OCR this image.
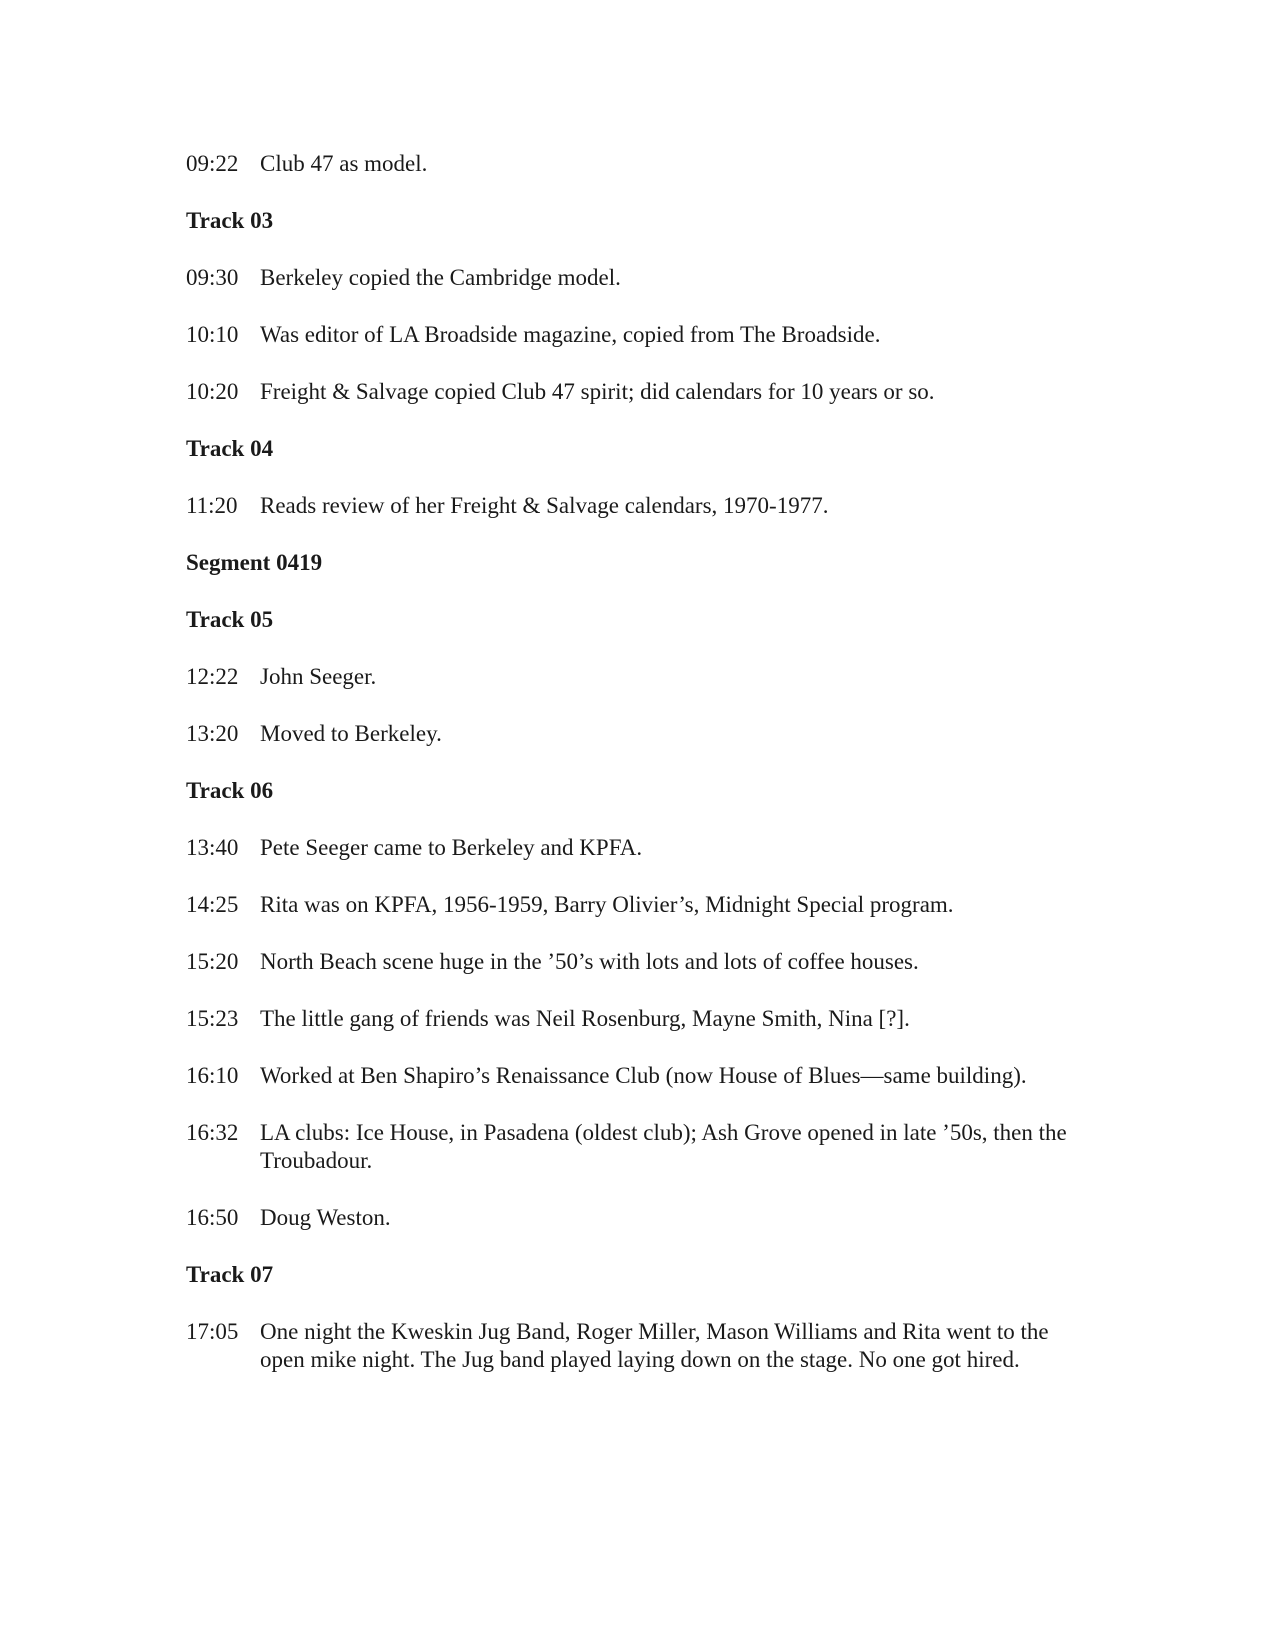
09:22 Club 47 as model.
Track 03
09:30 Berkeley copied the Cambridge model.
10:10 Was editor of LA Broadside magazine, copied from The Broadside.
10:20 Freight & Salvage copied Club 47 spirit; did calendars for 10 years or so.
Track 04
11:20 Reads review of her Freight & Salvage calendars, 1970-1977.
Segment 0419
Track 05
12:22 John Seeger.
13:20 Moved to Berkeley.
Track 06
13:40 Pete Seeger came to Berkeley and KPFA.
14:25 Rita was on KPFA, 1956-1959, Barry Olivier’s, Midnight Special program.
15:20 North Beach scene huge in the ’50’s with lots and lots of coffee houses.
15:23 The little gang of friends was Neil Rosenburg, Mayne Smith, Nina [?].
16:10 Worked at Ben Shapiro’s Renaissance Club (now House of Blues—same building).
16:32 LA clubs: Ice House, in Pasadena (oldest club); Ash Grove opened in late ’50s, then the Troubadour.
16:50 Doug Weston.
Track 07
17:05 One night the Kweskin Jug Band, Roger Miller, Mason Williams and Rita went to the open mike night. The Jug band played laying down on the stage. No one got hired.
